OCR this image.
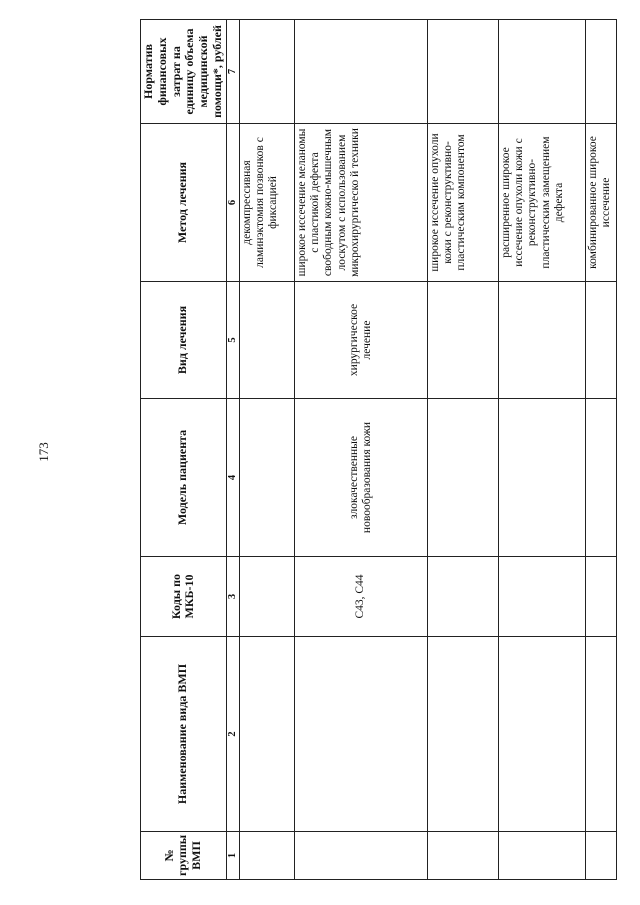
173
№ группы ВМП	Наименование вида ВМП	Коды по МКБ-10	Модель пациента	Вид лечения	Метод лечения	Норматив финансовых затрат на единицу объема медицинской помощи*, рублей
1	2	3	4	5	6	7
					декомпрессивная ламинэктомия позвонков с фиксацией	
		C43, C44	злокачественные новообразования кожи	хирургическое лечение	широкое иссечение меланомы с пластикой дефекта свободным кожно-мышечным лоскутом с использованием микрохирургическо й техники	
					широкое иссечение опухоли кожи с реконструктивно-пластическим компонентом	
					расширенное широкое иссечение опухоли кожи с реконструктивно-пластическим замещением дефекта	
					комбинированное широкое иссечение	
